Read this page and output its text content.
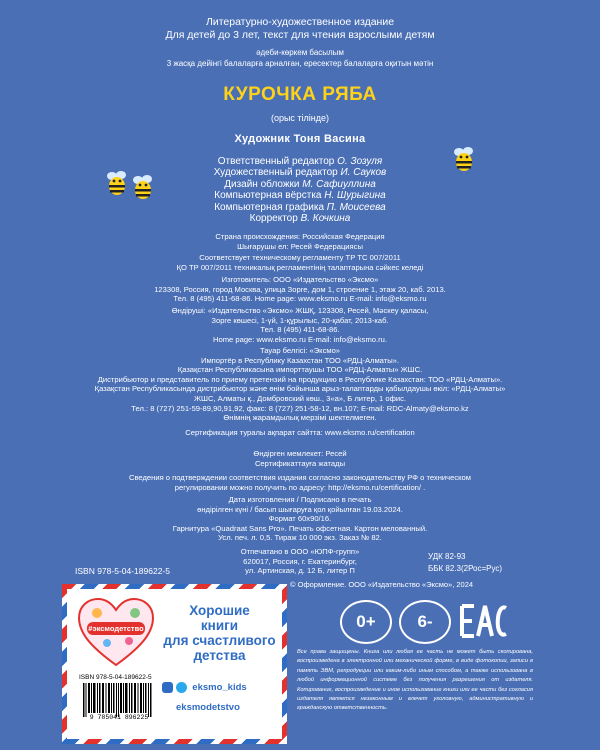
Литературно-художественное издание
Для детей до 3 лет, текст для чтения взрослыми детям
әдеби-көркем басылым
3 жасқа дейінгі балаларға арналған, ересектер балаларға оқитын мәтін
КУРОЧКА РЯБА
(орыс тілінде)
Художник Тоня Васина
Ответственный редактор О. Зозуля
Художественный редактор И. Сауков
Дизайн обложки М. Сафиуллина
Компьютерная вёрстка Н. Шурыгина
Компьютерная графика П. Моисеева
Корректор В. Кочкина
Страна происхождения: Российская Федерация
Шығарушы ел: Ресей Федерациясы
Соответствует техническому регламенту ТР ТС 007/2011
ҚО ТР 007/2011 техникалық регламентінің талаптарына сәйкес келеді
Изготовитель: ООО «Издательство «Эксмо»
123308, Россия, город Москва, улица Зорге, дом 1, строение 1, этаж 20, каб. 2013.
Тел. 8 (495) 411-68-86. Home page: www.eksmo.ru E-mail: info@eksmo.ru
Өндіруші: «Издательство «Эксмо» ЖШҚ, 123308, Ресей, Мәскеу қаласы,
Зорге көшесі, 1-үй, 1-құрылыс, 20-қабат, 2013-каб.
Тел. 8 (495) 411-68-86.
Home page: www.eksmo.ru E-mail: info@eksmo.ru.
Тауар белгісі: «Эксмо»
Импортёр в Республику Казахстан ТОО «РДЦ-Алматы».
Қазақстан Республикасына импорттаушы ТОО «РДЦ-Алматы» ЖШС.
Дистрибьютор и представитель по приему претензий на продукцию в Республике Казахстан: ТОО «РДЦ-Алматы».
Қазақстан Республикасында дистрибьютор және өнім бойынша арыз-талаптарды қабылдаушы өкіл: «РДЦ-Алматы»
ЖШС, Алматы қ., Домбровский көш., 3«а», Б литер, 1 офис.
Тел.: 8 (727) 251-59-89,90,91,92, факс: 8 (727) 251-58-12, вн.107; E-mail: RDC-Almaty@eksmo.kz
Өнімнің жарамдылық мерзімі шектелмеген.
Сертификация туралы ақпарат сайтта: www.eksmo.ru/certification
Өндірген мемлекет: Ресей
Сертификаттауға жатады
Сведения о подтверждении соответствия издания согласно законодательству РФ о техническом
регулировании можно получить по адресу: http://eksmo.ru/certification/ .
Дата изготовления / Подписано в печать
өндірілген күні / басып шығаруға қол қойылған 19.03.2024.
Формат 60х90/16.
Гарнитура «Quadraat Sans Pro». Печать офсетная. Картон мелованный.
Усл. печ. л. 0,5. Тираж 10 000 экз. Заказ № 82.
Отпечатано в ООО «ЮПФ-групп»
620017, Россия, г. Екатеринбург,
ул. Артинская, д. 12 Б, литер П
УДК 82-93
ББК 82.3(2Рос=Рус)
ISBN 978-5-04-189622-5
© Оформление. ООО «Издательство «Эксмо», 2024
0+	6-
Все права защищены. Книга или любая ее часть не может быть скопирована, воспроизведена в электронной или механической форме, в виде фотокопии, записи в память ЭВМ, репродукции или каким-либо иным способом, а также использована в любой информационной системе без получения разрешения от издателя. Копирование, воспроизведение и иное использование книги или ее части без согласия издателя является незаконным и влечет уголовную, административную и гражданскую ответственность.
#эксмодетство
Хорошие
книги
для счастливого
детства
eksmo_kids
eksmodetstvo
ISBN 978-5-04-189622-5
9 785041 896225
